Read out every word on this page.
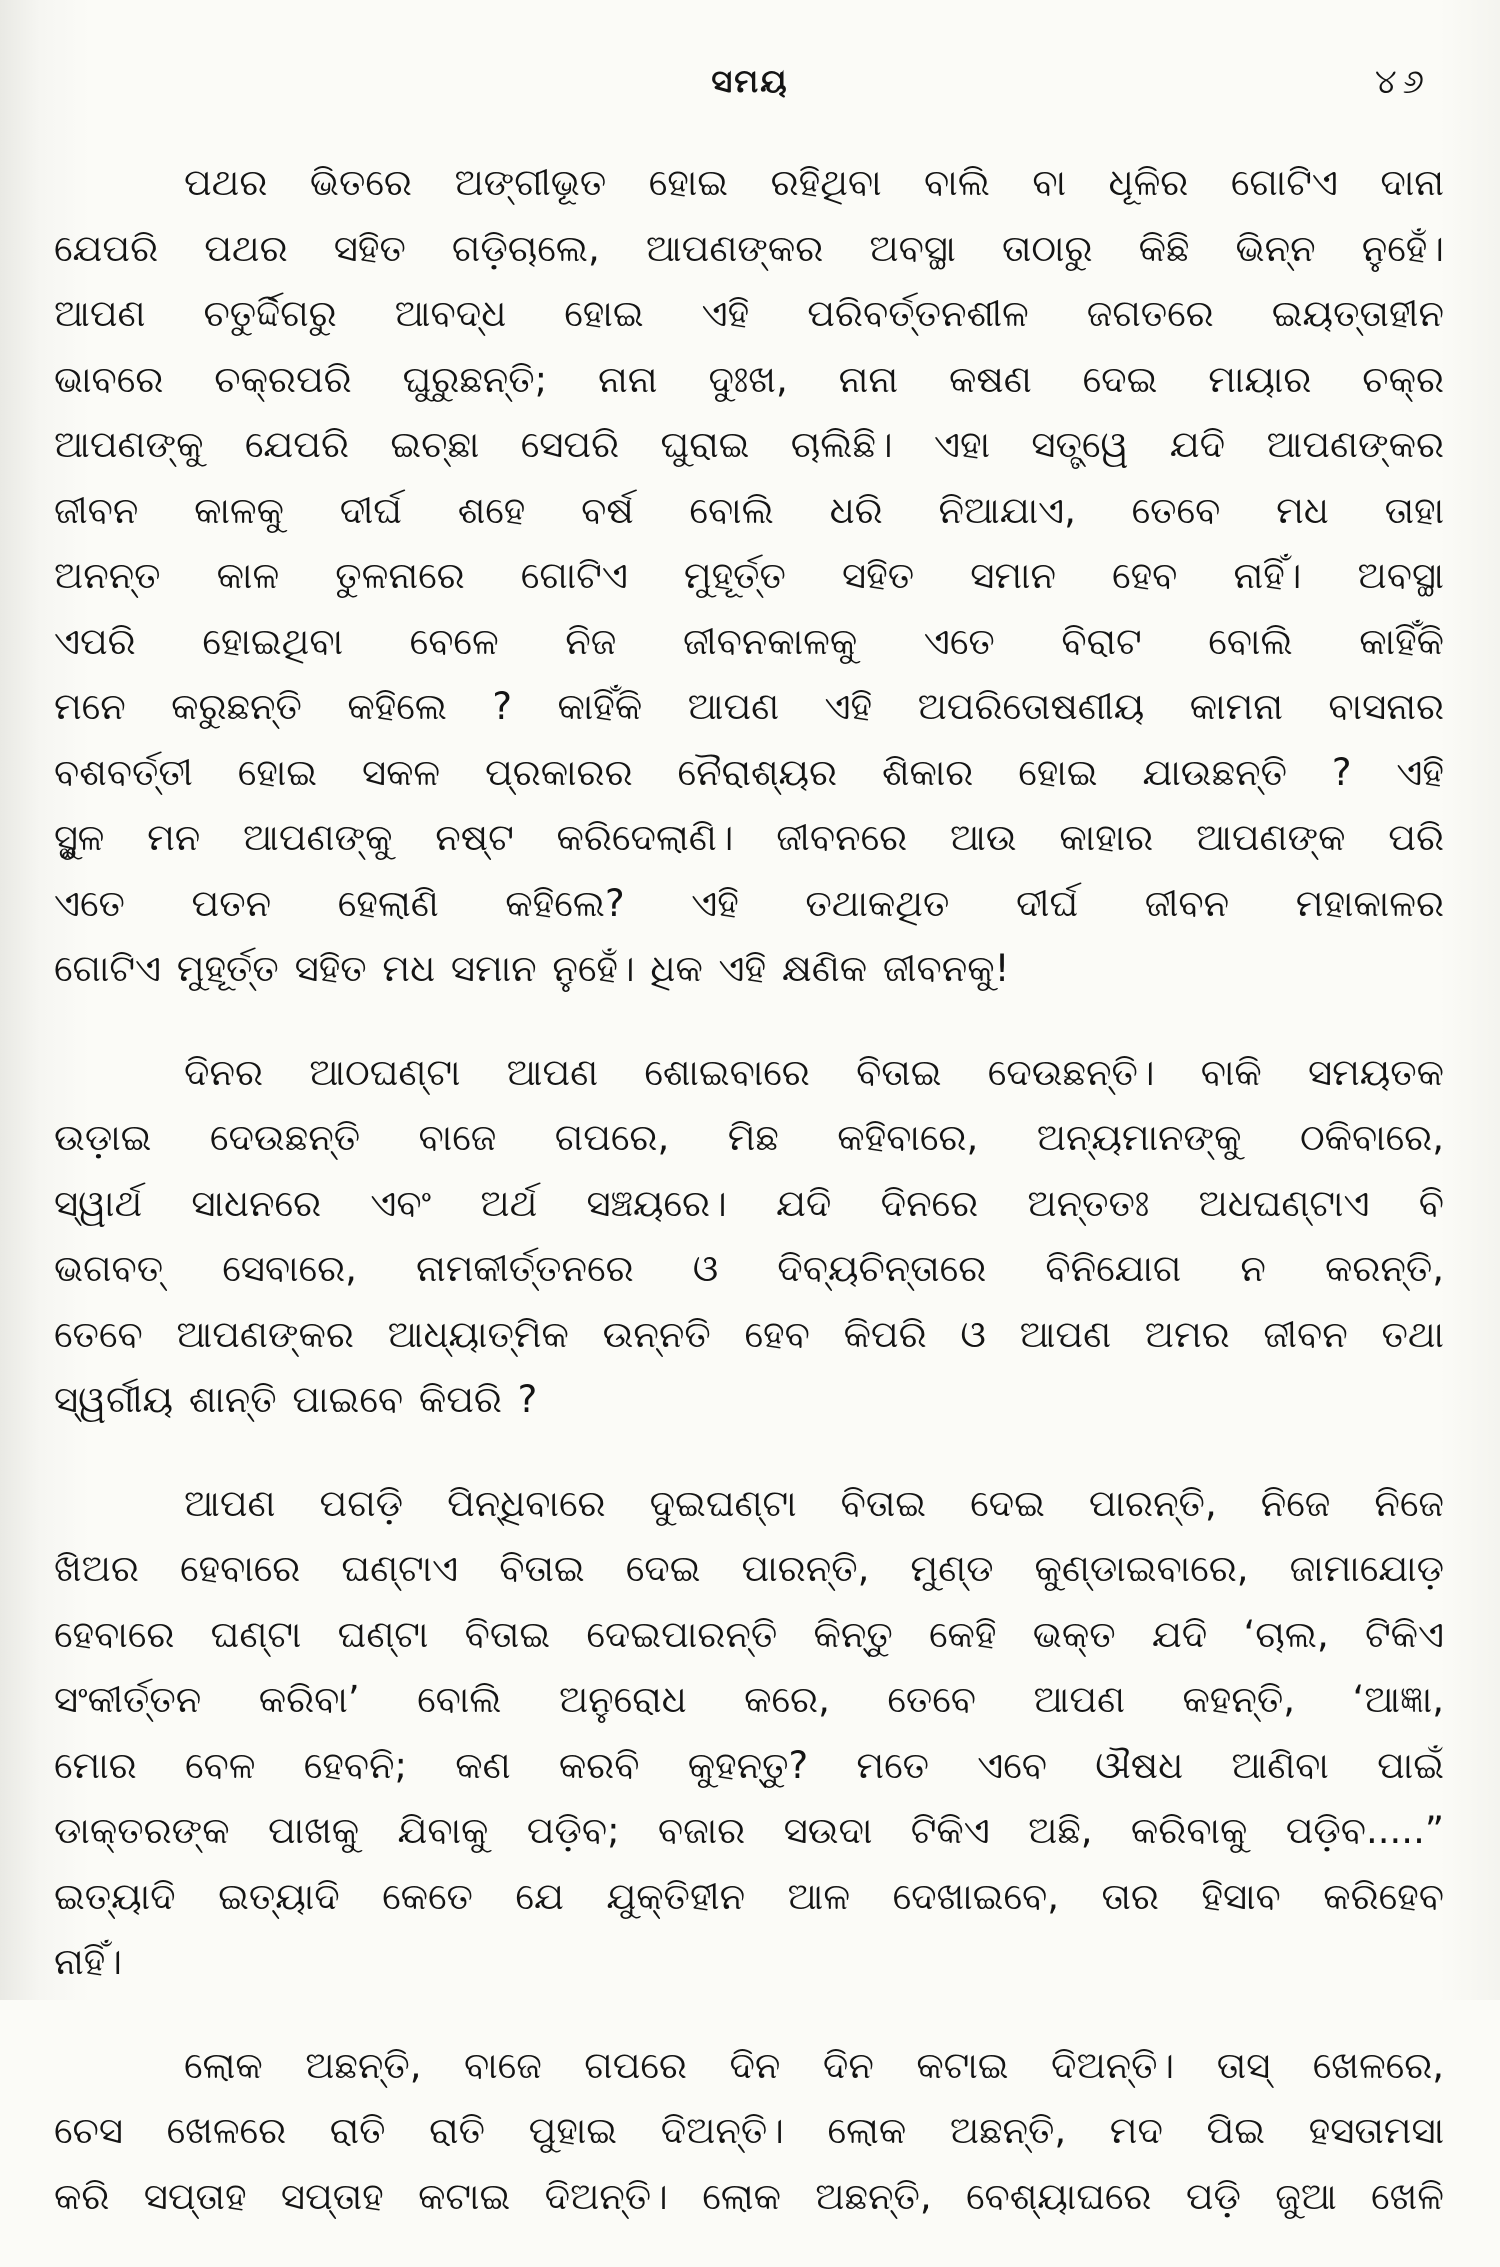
ସମୟ	୪୬
ପଥର ଭିତରେ ଅଙ୍ଗୀଭୂତ ହୋଇ ରହିଥିବା ବାଲି ବା ଧୂଳିର ଗୋଟିଏ ଦାନା
ଯେପରି ପଥର ସହିତ ଗଡ଼ିଚାଲେ, ଆପଣଙ୍କର ଅବସ୍ଥା ତାଠାରୁ କିଛି ଭିନ୍ନ ନୁହେଁ।
ଆପଣ ଚତୁର୍ଦ୍ଦିଗରୁ ଆବଦ୍ଧ ହୋଇ ଏହି ପରିବର୍ତ୍ତନଶୀଳ ଜଗତରେ ଇୟତ୍ତାହୀନ
ଭାବରେ ଚକ୍ରପରି ଘୁରୁଛନ୍ତି; ନାନା ଦୁଃଖ, ନାନା କଷଣ ଦେଇ ମାୟାର ଚକ୍ର
ଆପଣଙ୍କୁ ଯେପରି ଇଚ୍ଛା ସେପରି ଘୁରାଇ ଚାଲିଛି। ଏହା ସତ୍ତ୍ୱେ ଯଦି ଆପଣଙ୍କର
ଜୀବନ କାଳକୁ ଦୀର୍ଘ ଶହେ ବର୍ଷ ବୋଲି ଧରି ନିଆଯାଏ, ତେବେ ମଧ ତାହା
ଅନନ୍ତ କାଳ ତୁଳନାରେ ଗୋଟିଏ ମୁହୂର୍ତ୍ତ ସହିତ ସମାନ ହେବ ନାହିଁ। ଅବସ୍ଥା
ଏପରି ହୋଇଥିବା ବେଳେ ନିଜ ଜୀବନକାଳକୁ ଏତେ ବିରାଟ ବୋଲି କାହିଁକି
ମନେ କରୁଛନ୍ତି କହିଲେ ? କାହିଁକି ଆପଣ ଏହି ଅପରିତୋଷଣୀୟ କାମନା ବାସନାର
ବଶବର୍ତ୍ତୀ ହୋଇ ସକଳ ପ୍ରକାରର ନୈରାଶ୍ୟର ଶିକାର ହୋଇ ଯାଉଛନ୍ତି ? ଏହି
ସ୍ଥୁଳ ମନ ଆପଣଙ୍କୁ ନଷ୍ଟ କରିଦେଲାଣି। ଜୀବନରେ ଆଉ କାହାର ଆପଣଙ୍କ ପରି
ଏତେ ପତନ ହେଲାଣି କହିଲେ? ଏହି ତଥାକଥିତ ଦୀର୍ଘ ଜୀବନ ମହାକାଳର
ଗୋଟିଏ ମୁହୂର୍ତ୍ତ ସହିତ ମଧ ସମାନ ନୁହେଁ। ଧିକ ଏହି କ୍ଷଣିକ ଜୀବନକୁ!
ଦିନର ଆଠଘଣ୍ଟା ଆପଣ ଶୋଇବାରେ ବିତାଇ ଦେଉଛନ୍ତି। ବାକି ସମୟତକ
ଉଡ଼ାଇ ଦେଉଛନ୍ତି ବାଜେ ଗପରେ, ମିଛ କହିବାରେ, ଅନ୍ୟମାନଙ୍କୁ ଠକିବାରେ,
ସ୍ୱାର୍ଥ ସାଧନରେ ଏବଂ ଅର୍ଥ ସଞ୍ଚୟରେ। ଯଦି ଦିନରେ ଅନ୍ତତଃ ଅଧଘଣ୍ଟାଏ ବି
ଭଗବତ୍ ସେବାରେ, ନାମକୀର୍ତ୍ତନରେ ଓ ଦିବ୍ୟଚିନ୍ତାରେ ବିନିଯୋଗ ନ କରନ୍ତି,
ତେବେ ଆପଣଙ୍କର ଆଧ୍ୟାତ୍ମିକ ଉନ୍ନତି ହେବ କିପରି ଓ ଆପଣ ଅମର ଜୀବନ ତଥା
ସ୍ୱର୍ଗୀୟ ଶାନ୍ତି ପାଇବେ କିପରି ?
ଆପଣ ପଗଡ଼ି ପିନ୍ଧିବାରେ ଦୁଇଘଣ୍ଟା ବିତାଇ ଦେଇ ପାରନ୍ତି, ନିଜେ ନିଜେ
ଖିଅର ହେବାରେ ଘଣ୍ଟାଏ ବିତାଇ ଦେଇ ପାରନ୍ତି, ମୁଣ୍ଡ କୁଣ୍ଡାଇବାରେ, ଜାମାଯୋଡ଼
ହେବାରେ ଘଣ୍ଟା ଘଣ୍ଟା ବିତାଇ ଦେଇପାରନ୍ତି କିନ୍ତୁ କେହି ଭକ୍ତ ଯଦି ‘ଚାଲ, ଟିକିଏ
ସଂକୀର୍ତ୍ତନ କରିବା’ ବୋଲି ଅନୁରୋଧ କରେ, ତେବେ ଆପଣ କହନ୍ତି, ‘ଆଜ୍ଞା,
ମୋର ବେଳ ହେବନି; କଣ କରବି କୁହନ୍ତୁ? ମତେ ଏବେ ଔଷଧ ଆଣିବା ପାଇଁ
ଡାକ୍ତରଙ୍କ ପାଖକୁ ଯିବାକୁ ପଡ଼ିବ; ବଜାର ସଉଦା ଟିକିଏ ଅଛି, କରିବାକୁ ପଡ଼ିବ.....”
ଇତ୍ୟାଦି ଇତ୍ୟାଦି କେତେ ଯେ ଯୁକ୍ତିହୀନ ଆଳ ଦେଖାଇବେ, ତାର ହିସାବ କରିହେବ
ନାହିଁ।
ଲୋକ ଅଛନ୍ତି, ବାଜେ ଗପରେ ଦିନ ଦିନ କଟାଇ ଦିଅନ୍ତି। ତାସ୍ ଖେଳରେ,
ଚେସ ଖେଳରେ ରାତି ରାତି ପୁହାଇ ଦିଅନ୍ତି। ଲୋକ ଅଛନ୍ତି, ମଦ ପିଇ ହସତାମସା
କରି ସପ୍ତାହ ସପ୍ତାହ କଟାଇ ଦିଅନ୍ତି। ଲୋକ ଅଛନ୍ତି, ବେଶ୍ୟାଘରେ ପଡ଼ି ଜୁଆ ଖେଳି
